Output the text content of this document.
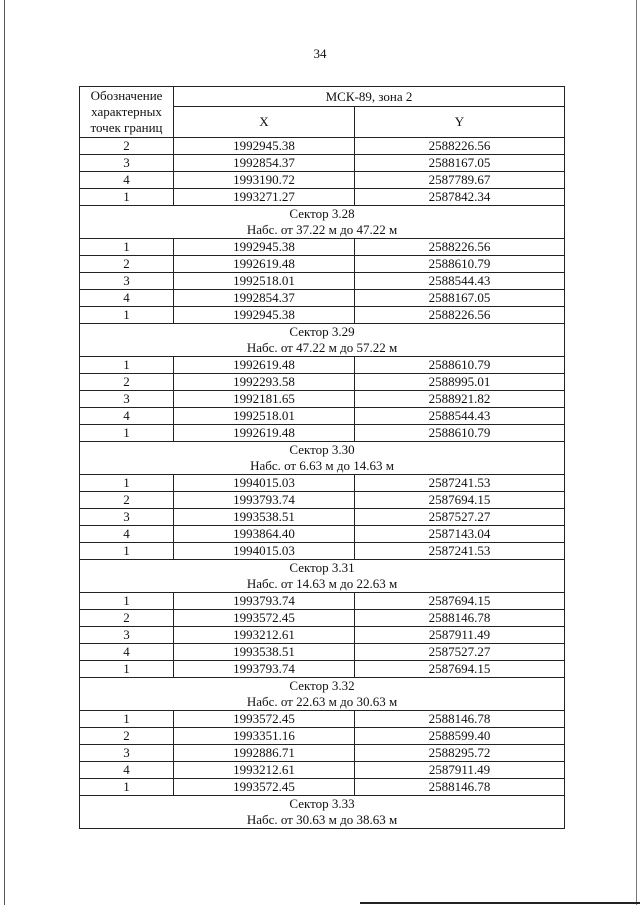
34
Обозначение характерных точек границ	МСК-89, зона 2	
	X	Y
2	1992945.38	2588226.56
3	1992854.37	2588167.05
4	1993190.72	2587789.67
1	1993271.27	2587842.34

Сектор 3.28
Набс. от 37.22 м до 47.22 м		

1	1992945.38	2588226.56
2	1992619.48	2588610.79
3	1992518.01	2588544.43
4	1992854.37	2588167.05
1	1992945.38	2588226.56

Сектор 3.29
Набс. от 47.22 м до 57.22 м		

1	1992619.48	2588610.79
2	1992293.58	2588995.01
3	1992181.65	2588921.82
4	1992518.01	2588544.43
1	1992619.48	2588610.79

Сектор 3.30
Набс. от 6.63 м до 14.63 м		

1	1994015.03	2587241.53
2	1993793.74	2587694.15
3	1993538.51	2587527.27
4	1993864.40	2587143.04
1	1994015.03	2587241.53

Сектор 3.31
Набс. от 14.63 м до 22.63 м		

1	1993793.74	2587694.15
2	1993572.45	2588146.78
3	1993212.61	2587911.49
4	1993538.51	2587527.27
1	1993793.74	2587694.15

Сектор 3.32
Набс. от 22.63 м до 30.63 м		

1	1993572.45	2588146.78
2	1993351.16	2588599.40
3	1992886.71	2588295.72
4	1993212.61	2587911.49
1	1993572.45	2588146.78

Сектор 3.33
Набс. от 30.63 м до 38.63 м		
